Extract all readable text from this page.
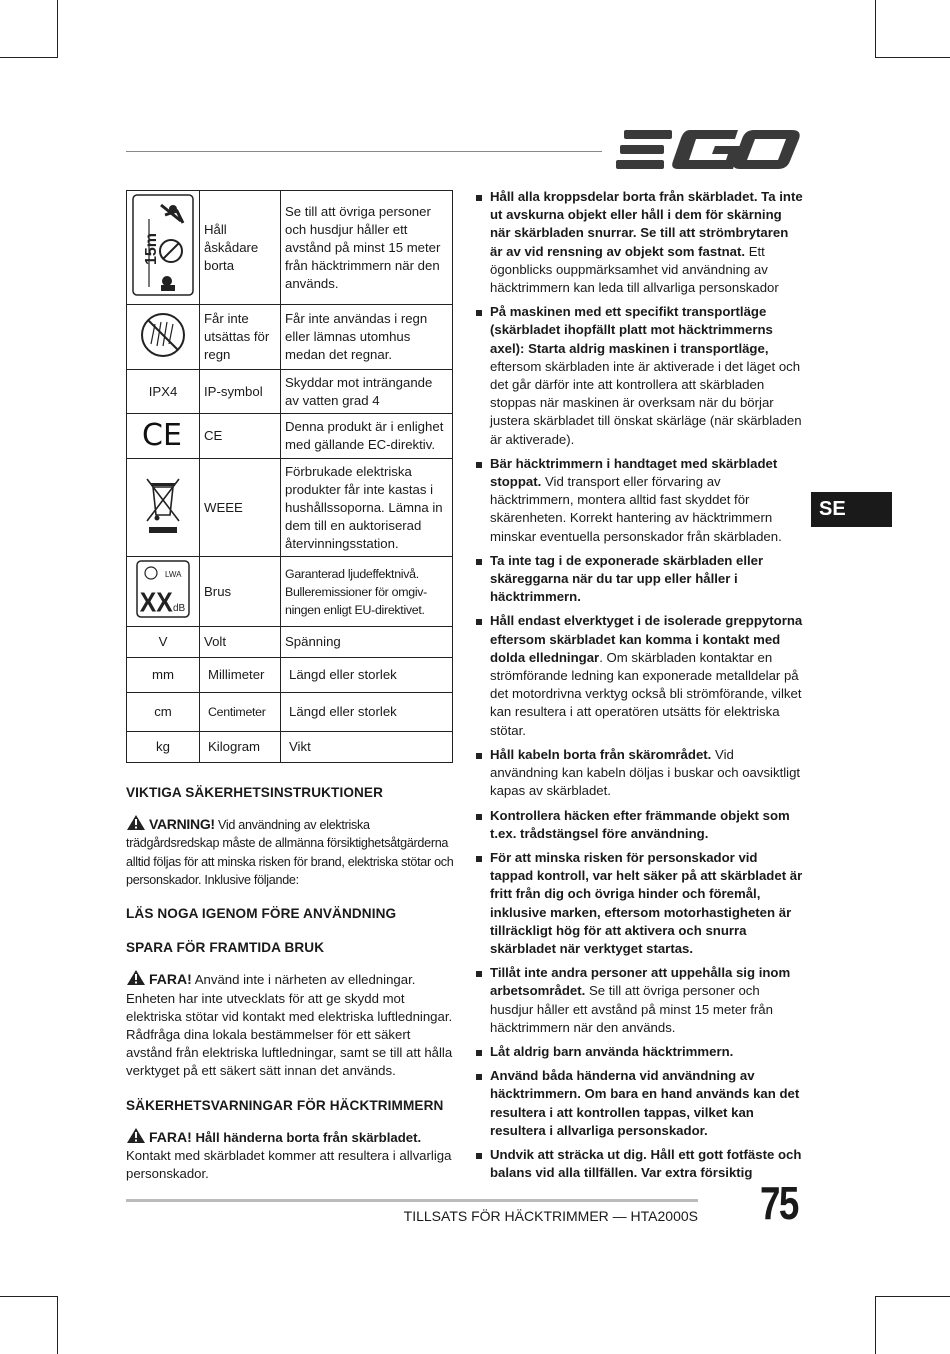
SE
15m	Håll åskådare borta	Se till att övriga personer och husdjur håller ett avstånd på minst 15 meter från häcktrimmern när den används.
	Får inte utsättas för regn	Får inte användas i regn eller lämnas utomhus medan det regnar.
IPX4	IP-symbol	Skyddar mot inträngande av vatten grad 4

CE	CE	Denna produkt är i enlighet med gällande EC-direktiv.
	WEEE	Förbrukade elektriska produkter får inte kastas i hushållssoporna. Lämna in dem till en auktoriserad återvinningsstation.

LWA
XX dB	Brus	Garanterad ljudeffektnivå. Bulleremissioner för omgiv-ningen enligt EU-direktivet.
V	Volt	Spänning
mm	Millimeter	Längd eller storlek
cm	Centimeter	Längd eller storlek
kg	Kilogram	Vikt
VIKTIGA SÄKERHETSINSTRUKTIONER

VARNING! Vid användning av elektriska trädgårdsredskap måste de allmänna försiktighetsåtgärderna alltid följas för att minska risken för brand, elektriska stötar och personskador. Inklusive följande:

LÄS NOGA IGENOM FÖRE ANVÄNDNING
SPARA FÖR FRAMTIDA BRUK

FARA! Använd inte i närheten av elledningar. Enheten har inte utvecklats för att ge skydd mot elektriska stötar vid kontakt med elektriska luftledningar. Rådfråga dina lokala bestämmelser för ett säkert avstånd från elektriska luftledningar, samt se till att hålla verktyget på ett säkert sätt innan det används.

SÄKERHETSVARNINGAR FÖR HÄCKTRIMMERN

FARA! Håll händerna borta från skärbladet. Kontakt med skärbladet kommer att resultera i allvarliga personskador.

Håll alla kroppsdelar borta från skärbladet. Ta inte ut avskurna objekt eller håll i dem för skärning när skärbladen snurrar. Se till att strömbrytaren är av vid rensning av objekt som fastnat. Ett ögonblicks ouppmärksamhet vid användning av häcktrimmern kan leda till allvarliga personskador
På maskinen med ett specifikt transportläge (skärbladet ihopfällt platt mot häcktrimmerns axel): Starta aldrig maskinen i transportläge, eftersom skärbladen inte är aktiverade i det läget och det går därför inte att kontrollera att skärbladen stoppas när maskinen är overksam när du börjar justera skärbladet till önskat skärläge (när skärbladen är aktiverade).
Bär häcktrimmern i handtaget med skärbladet stoppat. Vid transport eller förvaring av häcktrimmern, montera alltid fast skyddet för skärenheten. Korrekt hantering av häcktrimmern minskar eventuella personskador från skärbladen.
Ta inte tag i de exponerade skärbladen eller skäreggarna när du tar upp eller håller i häcktrimmern.
Håll endast elverktyget i de isolerade greppytorna eftersom skärbladet kan komma i kontakt med dolda elledningar. Om skärbladen kontaktar en strömförande ledning kan exponerade metalldelar på det motordrivna verktyg också bli strömförande, vilket kan resultera i att operatören utsätts för elektriska stötar.
Håll kabeln borta från skärområdet. Vid användning kan kabeln döljas i buskar och oavsiktligt kapas av skärbladet.
Kontrollera häcken efter främmande objekt som t.ex. trådstängsel före användning.
För att minska risken för personskador vid tappad kontroll, var helt säker på att skärbladet är fritt från dig och övriga hinder och föremål, inklusive marken, eftersom motorhastigheten är tillräckligt hög för att aktivera och snurra skärbladet när verktyget startas.
Tillåt inte andra personer att uppehålla sig inom arbetsområdet. Se till att övriga personer och husdjur håller ett avstånd på minst 15 meter från häcktrimmern när den används.
Låt aldrig barn använda häcktrimmern.
Använd båda händerna vid användning av häcktrimmern. Om bara en hand används kan det resultera i att kontrollen tappas, vilket kan resultera i allvarliga personskador.
Undvik att sträcka ut dig. Håll ett gott fotfäste och balans vid alla tillfällen. Var extra försiktig
TILLSATS FÖR HÄCKTRIMMER — HTA2000S 75
